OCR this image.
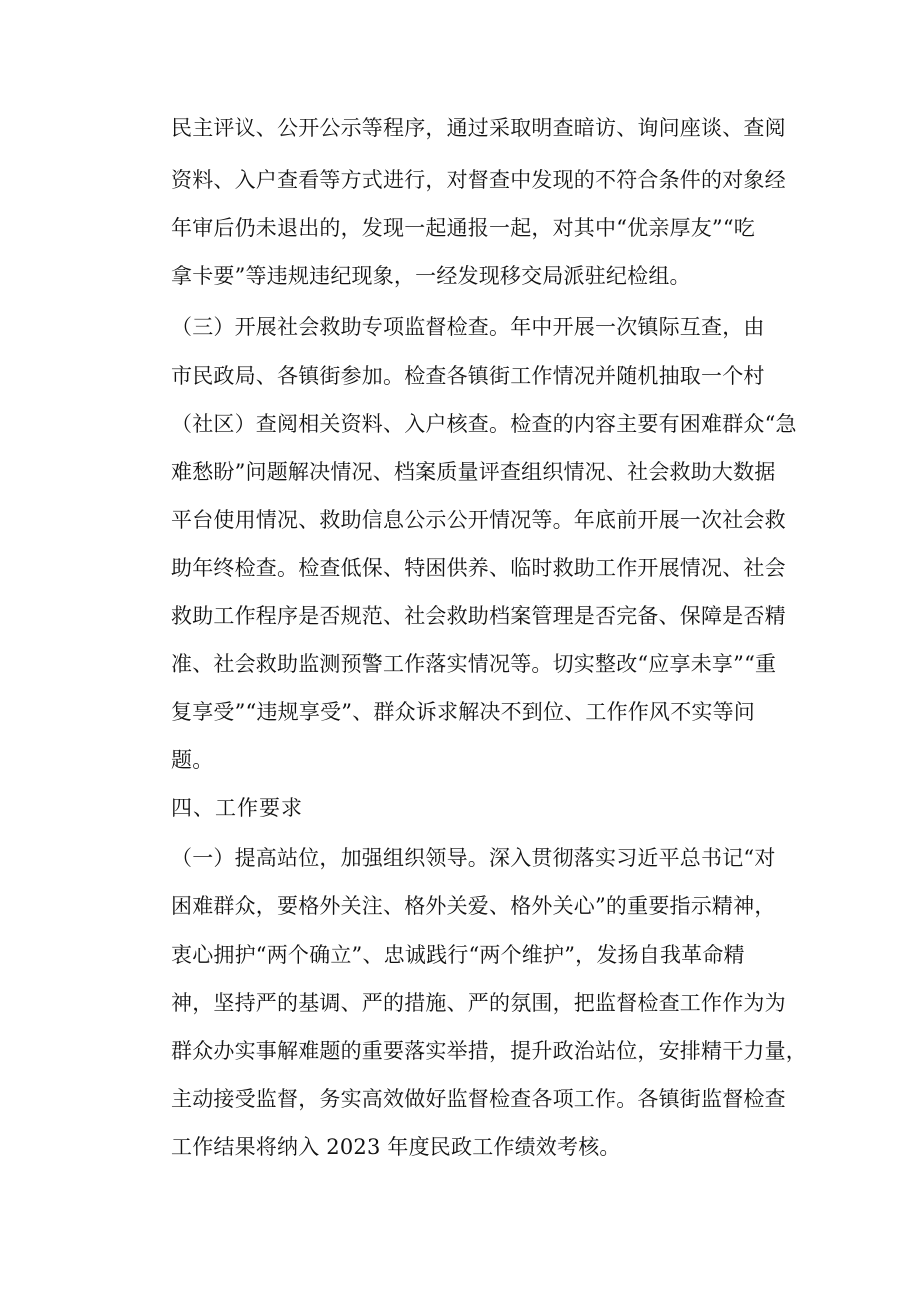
民主评议、公开公示等程序，通过采取明查暗访、询问座谈、查阅
资料、入户查看等方式进行，对督查中发现的不符合条件的对象经
年审后仍未退出的，发现一起通报一起，对其中“优亲厚友”“吃
拿卡要”等违规违纪现象，一经发现移交局派驻纪检组。
（三）开展社会救助专项监督检查。年中开展一次镇际互查，由
市民政局、各镇街参加。检查各镇街工作情况并随机抽取一个村
（社区）查阅相关资料、入户核查。检查的内容主要有困难群众“急
难愁盼”问题解决情况、档案质量评查组织情况、社会救助大数据
平台使用情况、救助信息公示公开情况等。年底前开展一次社会救
助年终检查。检查低保、特困供养、临时救助工作开展情况、社会
救助工作程序是否规范、社会救助档案管理是否完备、保障是否精
准、社会救助监测预警工作落实情况等。切实整改“应享未享”“重
复享受”“违规享受”、群众诉求解决不到位、工作作风不实等问
题。
四、工作要求
（一）提高站位，加强组织领导。深入贯彻落实习近平总书记“对
困难群众，要格外关注、格外关爱、格外关心”的重要指示精神，
衷心拥护“两个确立”、忠诚践行“两个维护”，发扬自我革命精
神，坚持严的基调、严的措施、严的氛围，把监督检查工作作为为
群众办实事解难题的重要落实举措，提升政治站位，安排精干力量，
主动接受监督，务实高效做好监督检查各项工作。各镇街监督检查
工作结果将纳入 2023 年度民政工作绩效考核。
